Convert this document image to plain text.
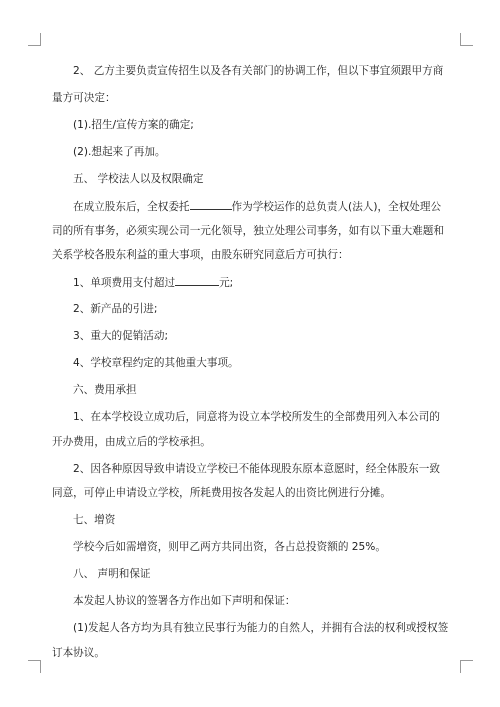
2、 乙方主要负责宣传招生以及各有关部门的协调工作，但以下事宜须跟甲方商

量方可决定：

(1).招生/宣传方案的确定;

(2).想起来了再加。

五、 学校法人以及权限确定

在成立股东后，全权委托	作为学校运作的总负责人(法人)，全权处理公

司的所有事务，必须实现公司一元化领导，独立处理公司事务，如有以下重大难题和

关系学校各股东利益的重大事项，由股东研究同意后方可执行：

1、单项费用支付超过	元;

2、新产品的引进;

3、重大的促销活动;

4、学校章程约定的其他重大事项。

六、费用承担

1、在本学校设立成功后，同意将为设立本学校所发生的全部费用列入本公司的

开办费用，由成立后的学校承担。

2、因各种原因导致申请设立学校已不能体现股东原本意愿时，经全体股东一致

同意，可停止申请设立学校，所耗费用按各发起人的出资比例进行分摊。

七、增资

学校今后如需增资，则甲乙两方共同出资，各占总投资额的 25%。

八、 声明和保证

本发起人协议的签署各方作出如下声明和保证：

(1)发起人各方均为具有独立民事行为能力的自然人，并拥有合法的权利或授权签

订本协议。
